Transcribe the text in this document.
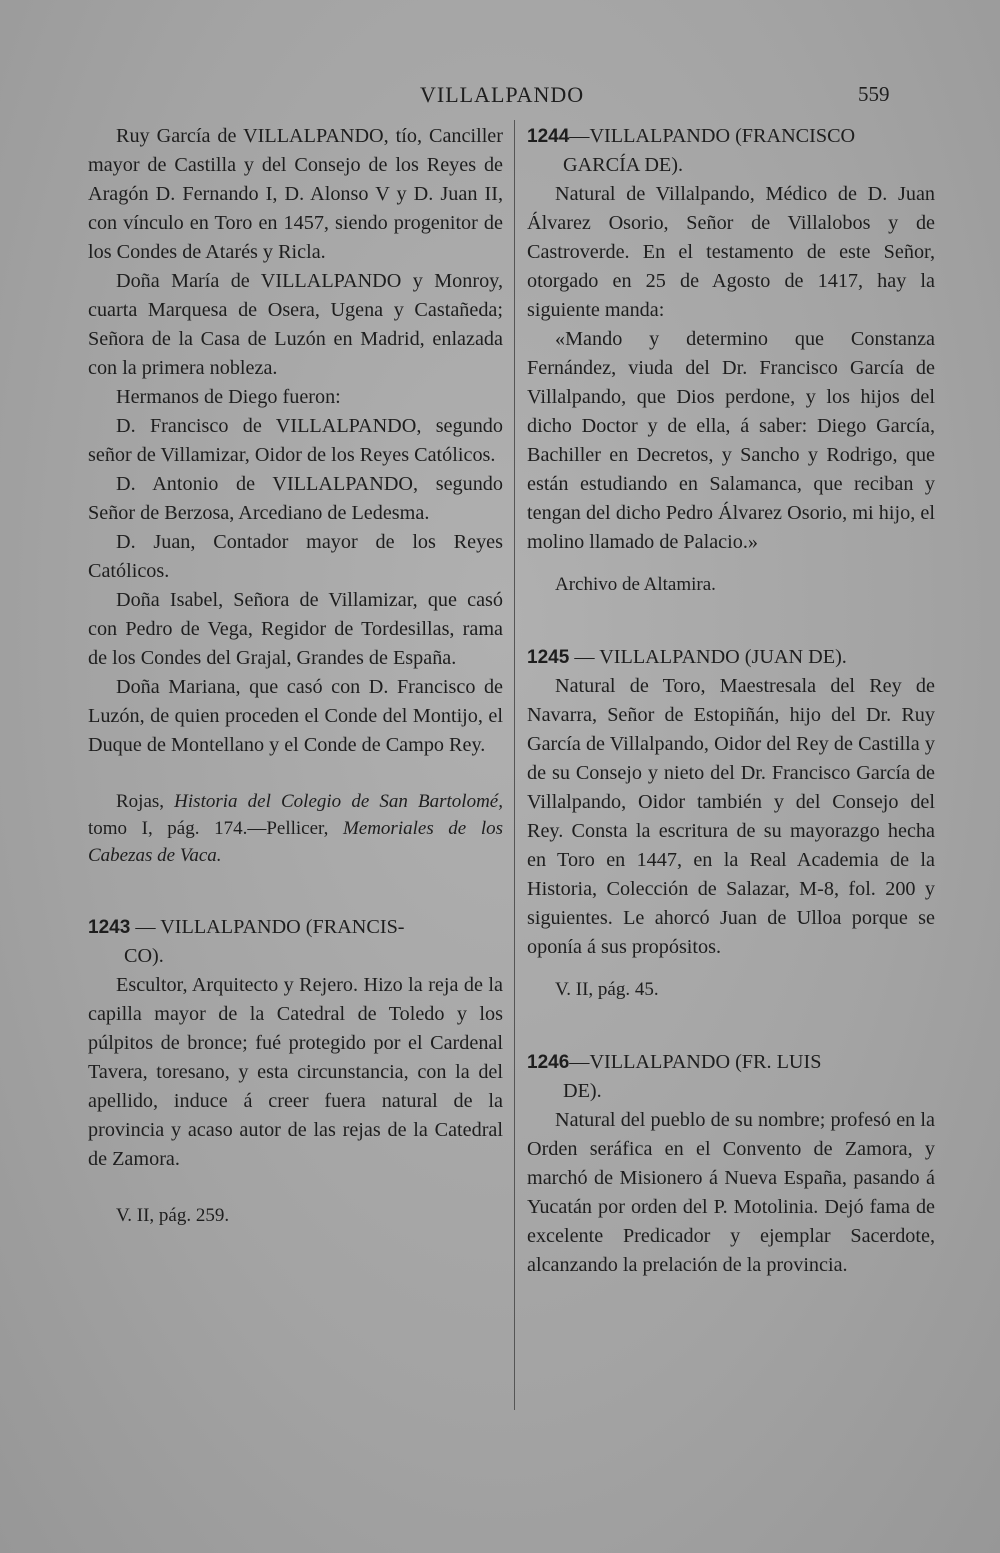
VILLALPANDO	559

Ruy García de VILLALPANDO, tío, Canciller mayor de Castilla y del Consejo de los Reyes de Aragón D. Fernando I, D. Alonso V y D. Juan II, con vínculo en Toro en 1457, siendo progenitor de los Condes de Atarés y Ricla.

Doña María de VILLALPANDO y Monroy, cuarta Marquesa de Osera, Ugena y Castañeda; Señora de la Casa de Luzón en Madrid, enlazada con la primera nobleza.

Hermanos de Diego fueron:

D. Francisco de VILLALPANDO, segundo señor de Villamizar, Oidor de los Reyes Católicos.

D. Antonio de VILLALPANDO, segundo Señor de Berzosa, Arcediano de Ledesma.

D. Juan, Contador mayor de los Reyes Católicos.

Doña Isabel, Señora de Villamizar, que casó con Pedro de Vega, Regidor de Tordesillas, rama de los Condes del Grajal, Grandes de España.

Doña Mariana, que casó con D. Francisco de Luzón, de quien proceden el Conde del Montijo, el Duque de Montellano y el Conde de Campo Rey.

Rojas, Historia del Colegio de San Bartolomé, tomo I, pág. 174.—Pellicer, Memoriales de los Cabezas de Vaca.

1243 — VILLALPANDO (FRANCIS-

CO).

Escultor, Arquitecto y Rejero. Hizo la reja de la capilla mayor de la Catedral de Toledo y los púlpitos de bronce; fué protegido por el Cardenal Tavera, toresano, y esta circunstancia, con la del apellido, induce á creer fuera natural de la provincia y acaso autor de las rejas de la Catedral de Zamora.

V. II, pág. 259.

1244—VILLALPANDO (FRANCISCO

GARCÍA DE).

Natural de Villalpando, Médico de D. Juan Álvarez Osorio, Señor de Villalobos y de Castroverde. En el testamento de este Señor, otorgado en 25 de Agosto de 1417, hay la siguiente manda:

«Mando y determino que Constanza Fernández, viuda del Dr. Francisco García de Villalpando, que Dios perdone, y los hijos del dicho Doctor y de ella, á saber: Diego García, Bachiller en Decretos, y Sancho y Rodrigo, que están estudiando en Salamanca, que reciban y tengan del dicho Pedro Álvarez Osorio, mi hijo, el molino llamado de Palacio.»

Archivo de Altamira.

1245 — VILLALPANDO (JUAN DE).

Natural de Toro, Maestresala del Rey de Navarra, Señor de Estopiñán, hijo del Dr. Ruy García de Villalpando, Oidor del Rey de Castilla y de su Consejo y nieto del Dr. Francisco García de Villalpando, Oidor también y del Consejo del Rey. Consta la escritura de su mayorazgo hecha en Toro en 1447, en la Real Academia de la Historia, Colección de Salazar, M-8, fol. 200 y siguientes. Le ahorcó Juan de Ulloa porque se oponía á sus propósitos.

V. II, pág. 45.

1246—VILLALPANDO (FR. LUIS

DE).

Natural del pueblo de su nombre; profesó en la Orden seráfica en el Convento de Zamora, y marchó de Misionero á Nueva España, pasando á Yucatán por orden del P. Motolinia. Dejó fama de excelente Predicador y ejemplar Sacerdote, alcanzando la prelación de la provincia.
